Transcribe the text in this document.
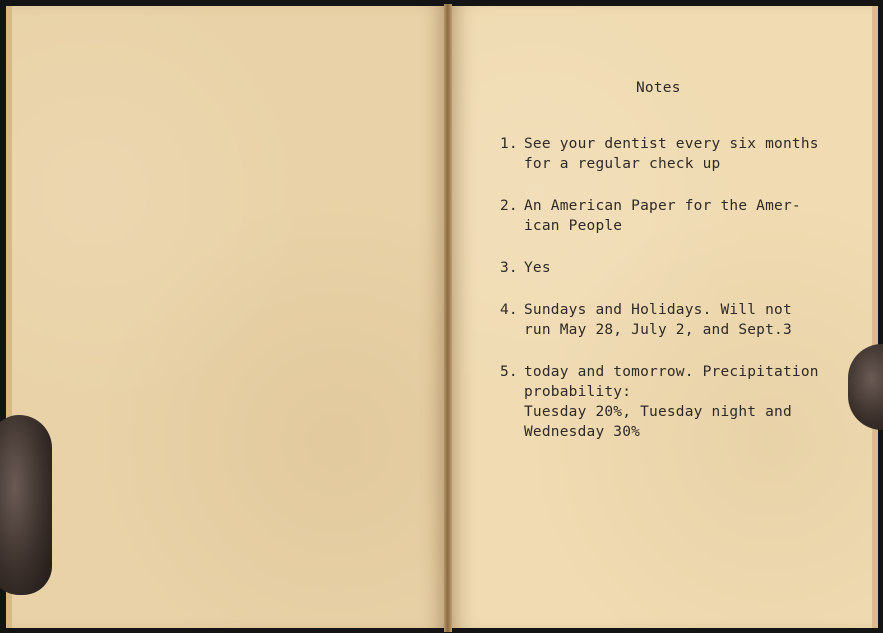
Notes
1. See your dentist every six months
for a regular check up
2. An American Paper for the Amer-
ican People
3. Yes
4. Sundays and Holidays. Will not
run May 28, July 2, and Sept.3
5. today and tomorrow. Precipitation
probability:
Tuesday 20%, Tuesday night and
Wednesday 30%
